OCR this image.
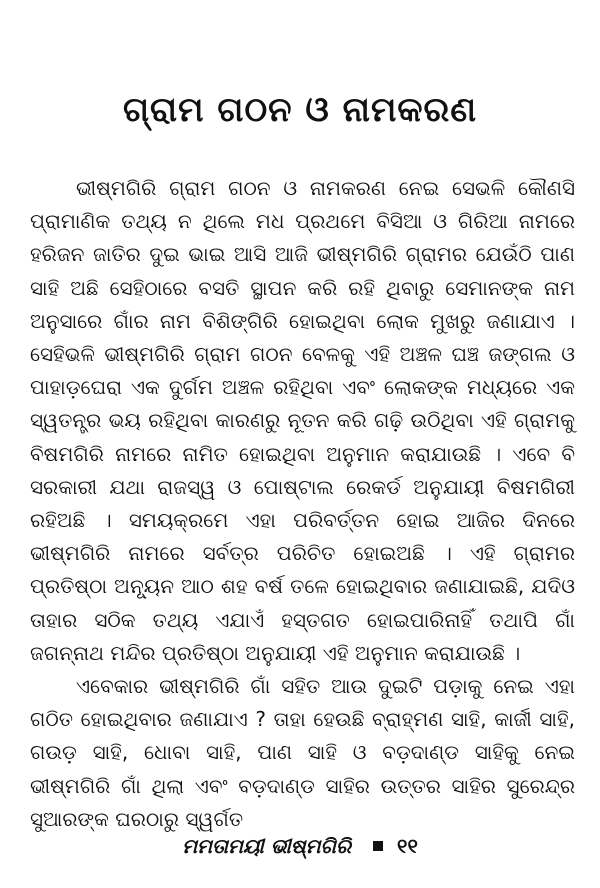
ଗ୍ରାମ ଗଠନ ଓ ନାମକରଣ

ଭୀଷ୍ମଗିରି ଗ୍ରାମ ଗଠନ ଓ ନାମକରଣ ନେଇ ସେଭଳି କୌଣସି ପ୍ରାମାଣିକ ତଥ୍ୟ ନ ଥିଲେ ମଧ ପ୍ରଥମେ ବିସିଆ ଓ ଗିରିଆ ନାମରେ ହରିଜନ ଜାତିର ଦୁଇ ଭାଇ ଆସି ଆଜି ଭୀଷ୍ମଗିରି ଗ୍ରାମର ଯେଉଁଠି ପାଣ ସାହି ଅଛି ସେହିଠାରେ ବସତି ସ୍ଥାପନ କରି ରହି ଥିବାରୁ ସେମାନଙ୍କ ନାମ ଅନୁସାରେ ଗାଁର ନାମ ବିଶିଙ୍ଗିରି ହୋଇଥିବା ଲୋକ ମୁଖରୁ ଜଣାଯାଏ । ସେହିଭଳି ଭୀଷ୍ମଗିରି ଗ୍ରାମ ଗଠନ ବେଳକୁ ଏହି ଅଞ୍ଚଳ ଘଞ୍ଚ ଜଙ୍ଗଲ ଓ ପାହାଡ଼ଘେରା ଏକ ଦୁର୍ଗମ ଅଞ୍ଚଳ ରହିଥିବା ଏବଂ ଲୋକଙ୍କ ମଧ୍ୟରେ ଏକ ସ୍ୱତନ୍ତ୍ର ଭୟ ରହିଥିବା କାରଣରୁ ନୂତନ କରି ଗଢ଼ି ଉଠିଥିବା ଏହି ଗ୍ରାମକୁ ବିଷମଗିରି ନାମରେ ନାମିତ ହୋଇଥିବା ଅନୁମାନ କରାଯାଉଛି । ଏବେ ବି ସରକାରୀ ଯଥା ରାଜସ୍ୱ ଓ ପୋଷ୍ଟାଲ ରେକର୍ଡ ଅନୁଯାୟୀ ବିଷମଗିରୀ ରହିଅଛି । ସମୟକ୍ରମେ ଏହା ପରିବର୍ତ୍ତନ ହୋଇ ଆଜିର ଦିନରେ ଭୀଷ୍ମଗିରି ନାମରେ ସର୍ବତ୍ର ପରିଚିତ ହୋଇଅଛି । ଏହି ଗ୍ରାମର ପ୍ରତିଷ୍ଠା ଅନ୍ୟୂନ ଆଠ ଶହ ବର୍ଷ ତଳେ ହୋଇଥିବାର ଜଣାଯାଇଛି, ଯଦିଓ ତାହାର ସଠିକ ତଥ୍ୟ ଏଯାଏଁ ହସ୍ତଗତ ହୋଇପାରିନାହିଁ ତଥାପି ଗାଁ ଜଗନ୍ନାଥ ମନ୍ଦିର ପ୍ରତିଷ୍ଠା ଅନୁଯାୟୀ ଏହି ଅନୁମାନ କରାଯାଉଛି ।

ଏବେକାର ଭୀଷ୍ମଗିରି ଗାଁ ସହିତ ଆଉ ଦୁଇଟି ପଡ଼ାକୁ ନେଇ ଏହା ଗଠିତ ହୋଇଥିବାର ଜଣାଯାଏ ? ତାହା ହେଉଛି ବ୍ରାହ୍ମଣ ସାହି, କାର୍ଜୀ ସାହି, ଗଉଡ଼ ସାହି, ଧୋବା ସାହି, ପାଣ ସାହି ଓ ବଡ଼ଦାଣ୍ଡ ସାହିକୁ ନେଇ ଭୀଷ୍ମଗିରି ଗାଁ ଥିଲା ଏବଂ ବଡ଼ଦାଣ୍ଡ ସାହିର ଉତ୍ତର ସାହିର ସୁରେନ୍ଦ୍ର ସୁଆରଙ୍କ ଘରଠାରୁ ସ୍ୱର୍ଗତ

ମମତାମୟୀ ଭୀଷ୍ମଗିରି ୧୧
